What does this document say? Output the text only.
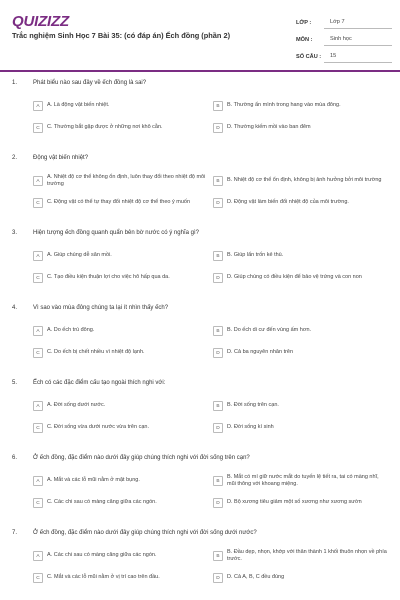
QUIZIZZ
Trắc nghiệm Sinh Học 7 Bài 35: (có đáp án) Ếch đồng (phần 2)
LỚP :	Lớp 7
MÔN :	Sinh học
SỐ CÂU :	15
1.	Phát biểu nào sau đây về ếch đồng là sai?
A	A. Là động vật biến nhiệt.	B	B. Thường ẩn mình trong hang vào mùa đông.
C	C. Thường bắt gặp được ở những nơi khô cằn.	D	D. Thường kiếm mồi vào ban đêm
2.	Động vật biến nhiệt?
A
A. Nhiệt độ cơ thể không ổn định, luôn thay đổi theo nhiệt độ môi trường	B	B. Nhiệt độ cơ thể ổn định, không bị ảnh hưởng bởi môi trường
C	C. Động vật có thể tự thay đổi nhiệt độ cơ thể theo ý muốn	D	D. Động vật làm biến đổi nhiệt độ của môi trường.
3.	Hiện tượng ếch đồng quanh quẩn bên bờ nước có ý nghĩa gì?
A	A. Giúp chúng dễ săn mồi.	B	B. Giúp lẩn trốn kẻ thù.
C	C. Tạo điều kiện thuận lợi cho việc hô hấp qua da.	D	D. Giúp chúng có điều kiện để bảo vệ trứng và con non
4.	Vì sao vào mùa đông chúng ta lại ít nhìn thấy ếch?
A	A. Do ếch trú đông.	B	B. Do ếch di cư đến vùng ấm hơn.
C	C. Do ếch bị chết nhiều vì nhiệt độ lạnh.	D	D. Cả ba nguyên nhân trên
5.	Ếch có các đặc điểm cấu tạo ngoài thích nghi với:
A	A. Đời sống dưới nước.	B	B. Đời sống trên cạn.
C	C. Đời sống vừa dưới nước vừa trên cạn.	D	D. Đời sống kí sinh
6.	Ở ếch đồng, đặc điểm nào dưới đây giúp chúng thích nghi với đời sống trên cạn?
A	A. Mắt và các lỗ mũi nằm ở mặt bụng.	B
B. Mắt có mí giữ nước mắt do tuyến lệ tiết ra, tai có màng nhĩ, mũi thông với khoang miệng.
C	C. Các chi sau có màng căng giữa các ngón.	D	D. Bộ xương tiêu giảm một số xương như xương sườn
7.	Ở ếch đồng, đặc điểm nào dưới đây giúp chúng thích nghi với đời sống dưới nước?
A	A. Các chi sau có màng căng giữa các ngón.	B
B. Đầu dẹp, nhọn, khớp với thân thành 1 khối thuôn nhọn về phía trước.
C	C. Mắt và các lỗ mũi nằm ở vị trí cao trên đầu.	D	D. Cả A, B, C đều đúng
